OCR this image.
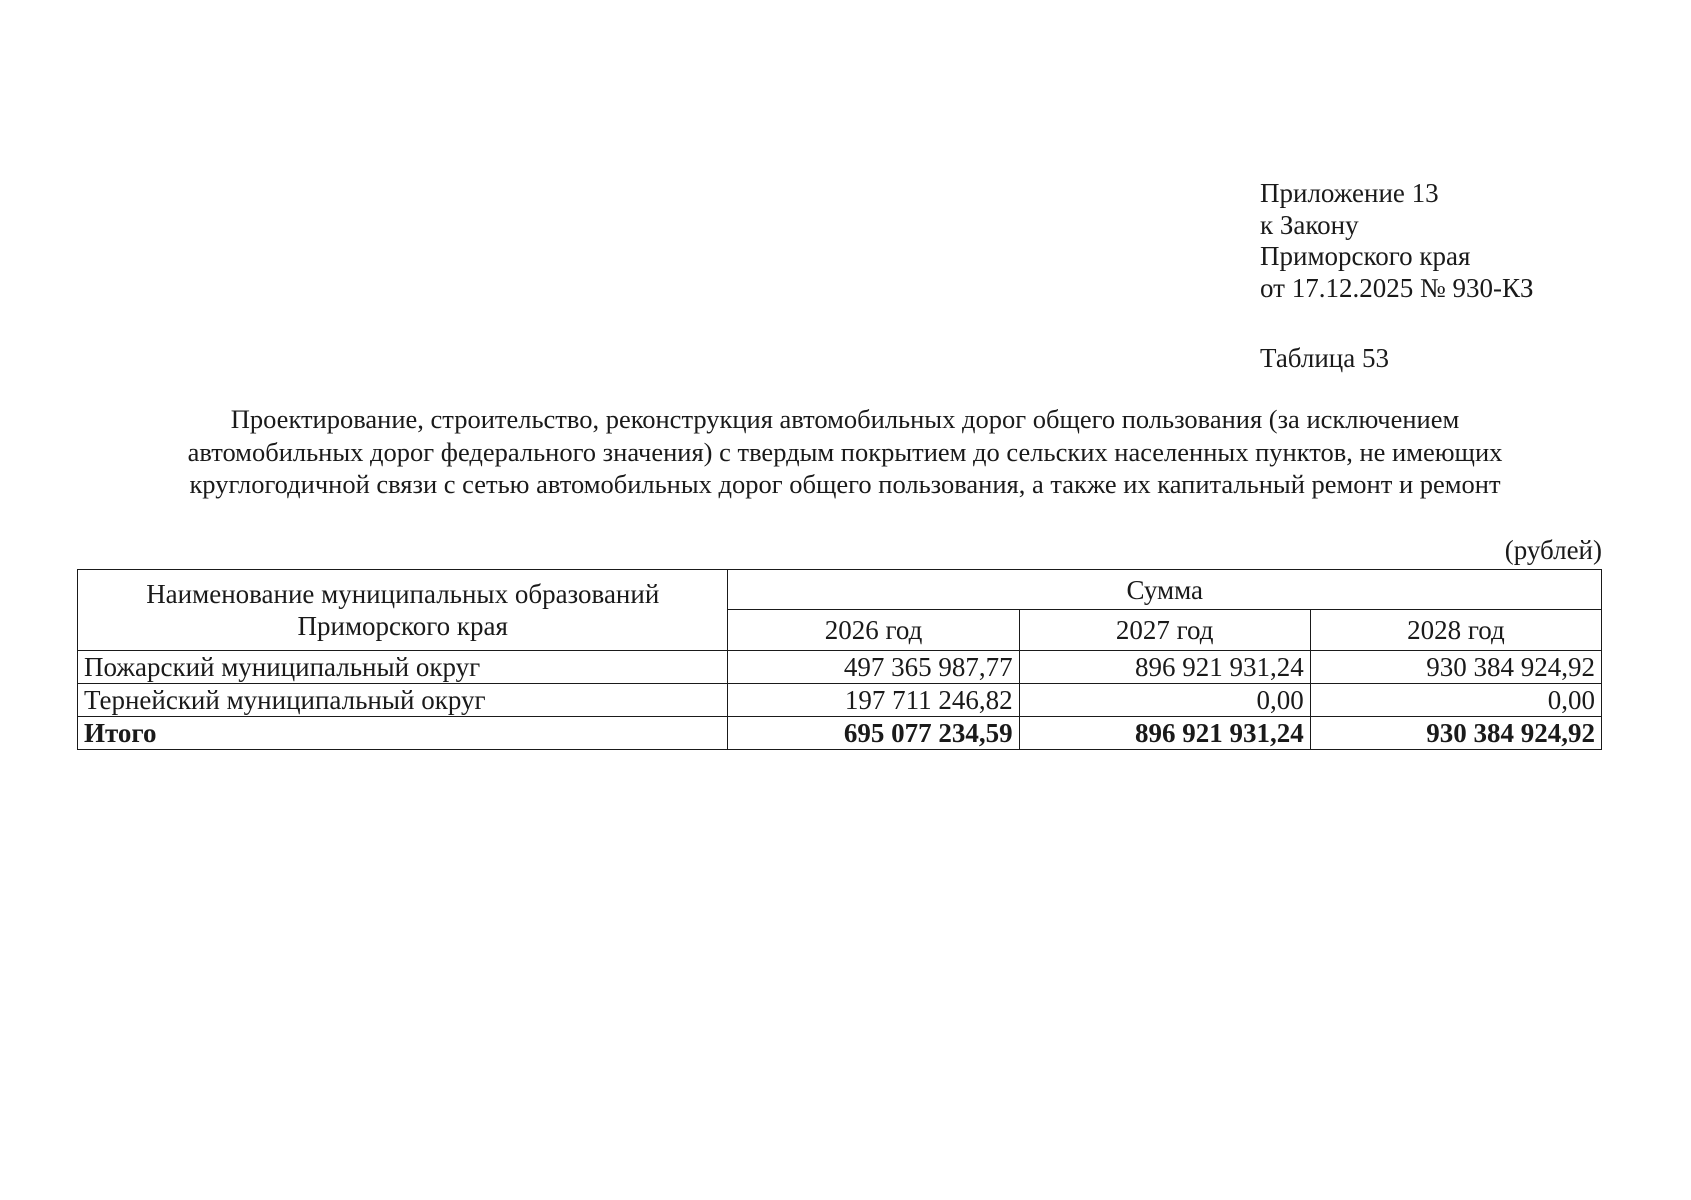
Приложение 13
к Закону
Приморского края
от 17.12.2025 № 930-КЗ
Таблица 53
Проектирование, строительство, реконструкция автомобильных дорог общего пользования (за исключением
автомобильных дорог федерального значения) с твердым покрытием до сельских населенных пунктов, не имеющих
круглогодичной связи с сетью автомобильных дорог общего пользования, а также их капитальный ремонт и ремонт
(рублей)
Наименование муниципальных образований
Приморского края	Сумма		
	2026 год	2027 год	2028 год
Пожарский муниципальный округ	497 365 987,77	896 921 931,24	930 384 924,92
Тернейский муниципальный округ	197 711 246,82	0,00	0,00
Итого	695 077 234,59	896 921 931,24	930 384 924,92
